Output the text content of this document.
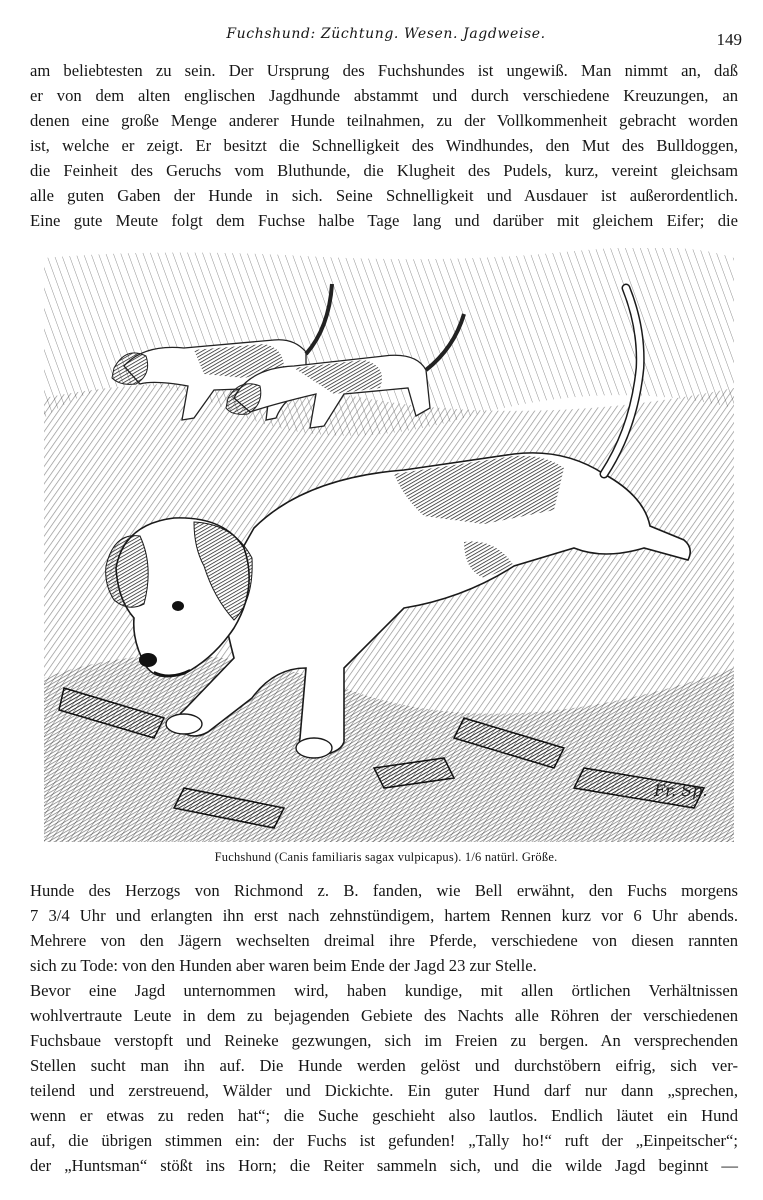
Fuchshund: Züchtung. Wesen. Jagdweise.	149
am beliebtesten zu sein. Der Ursprung des Fuchshundes ist ungewiß. Man nimmt an, daß
er von dem alten englischen Jagdhunde abstammt und durch verschiedene Kreuzungen, an
denen eine große Menge anderer Hunde teilnahmen, zu der Vollkommenheit gebracht worden
ist, welche er zeigt. Er besitzt die Schnelligkeit des Windhundes, den Mut des Bulldoggen,
die Feinheit des Geruchs vom Bluthunde, die Klugheit des Pudels, kurz, vereint gleichsam
alle guten Gaben der Hunde in sich. Seine Schnelligkeit und Ausdauer ist außerordentlich.
Eine gute Meute folgt dem Fuchse halbe Tage lang und darüber mit gleichem Eifer; die
Fr. Sp.
Fuchshund (Canis familiaris sagax vulpicapus). 1/6 natürl. Größe.
Hunde des Herzogs von Richmond z. B. fanden, wie Bell erwähnt, den Fuchs morgens
7 3/4 Uhr und erlangten ihn erst nach zehnstündigem, hartem Rennen kurz vor 6 Uhr abends.
Mehrere von den Jägern wechselten dreimal ihre Pferde, verschiedene von diesen rannten
sich zu Tode: von den Hunden aber waren beim Ende der Jagd 23 zur Stelle.
Bevor eine Jagd unternommen wird, haben kundige, mit allen örtlichen Verhältnissen
wohlvertraute Leute in dem zu bejagenden Gebiete des Nachts alle Röhren der verschiedenen
Fuchsbaue verstopft und Reineke gezwungen, sich im Freien zu bergen. An versprechenden
Stellen sucht man ihn auf. Die Hunde werden gelöst und durchstöbern eifrig, sich ver-
teilend und zerstreuend, Wälder und Dickichte. Ein guter Hund darf nur dann „sprechen,
wenn er etwas zu reden hat“; die Suche geschieht also lautlos. Endlich läutet ein Hund
auf, die übrigen stimmen ein: der Fuchs ist gefunden! „Tally ho!“ ruft der „Einpeitscher“;
der „Huntsman“ stößt ins Horn; die Reiter sammeln sich, und die wilde Jagd beginnt —
